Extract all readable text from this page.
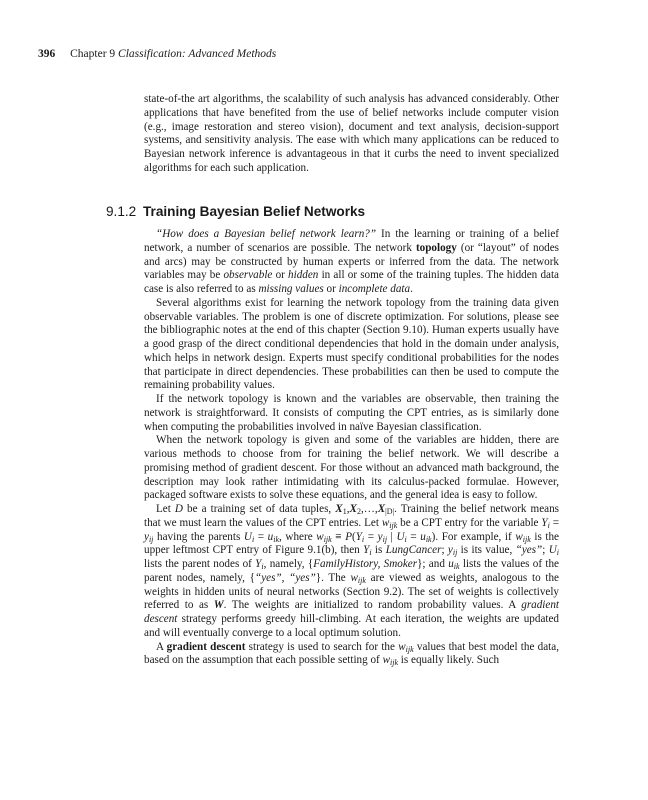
396 Chapter 9 Classification: Advanced Methods

state-of-the art algorithms, the scalability of such analysis has advanced considerably. Other applications that have benefited from the use of belief networks include computer vision (e.g., image restoration and stereo vision), document and text analysis, decision-support systems, and sensitivity analysis. The ease with which many applications can be reduced to Bayesian network inference is advantageous in that it curbs the need to invent specialized algorithms for each such application.

9.1.2 Training Bayesian Belief Networks

“How does a Bayesian belief network learn?” In the learning or training of a belief network, a number of scenarios are possible. The network topology (or “layout” of nodes and arcs) may be constructed by human experts or inferred from the data. The network variables may be observable or hidden in all or some of the training tuples. The hidden data case is also referred to as missing values or incomplete data.

Several algorithms exist for learning the network topology from the training data given observable variables. The problem is one of discrete optimization. For solutions, please see the bibliographic notes at the end of this chapter (Section 9.10). Human experts usually have a good grasp of the direct conditional dependencies that hold in the domain under analysis, which helps in network design. Experts must specify conditional probabilities for the nodes that participate in direct dependencies. These probabilities can then be used to compute the remaining probability values.

If the network topology is known and the variables are observable, then training the network is straightforward. It consists of computing the CPT entries, as is similarly done when computing the probabilities involved in naïve Bayesian classification.

When the network topology is given and some of the variables are hidden, there are various methods to choose from for training the belief network. We will describe a promising method of gradient descent. For those without an advanced math background, the description may look rather intimidating with its calculus-packed formulae. However, packaged software exists to solve these equations, and the general idea is easy to follow.

Let D be a training set of data tuples, $X_1,X_2,\dots,X_{|D|}$. Training the belief network means that we must learn the values of the CPT entries. Let $w_{ijk}$ be a CPT entry for the variable $Y_i = y_{ij}$ having the parents $U_i = u_{ik}$, where $w_{ijk} \equiv P(Y_i = y_{ij}$ | $U_i = u_{ik}$). For example, if $w_{ijk}$ is the upper leftmost CPT entry of Figure 9.1(b), then $Y_i$ is LungCancer; $y_{ij}$ is its value, “yes”; $U_i$ lists the parent nodes of $Y_i$, namely, {FamilyHistory, Smoker}; and $u_{ik}$ lists the values of the parent nodes, namely, {“yes”, “yes”}. The $w_{ijk}$ are viewed as weights, analogous to the weights in hidden units of neural networks (Section 9.2). The set of weights is collectively referred to as W. The weights are initialized to random probability values. A gradient descent strategy performs greedy hill-climbing. At each iteration, the weights are updated and will eventually converge to a local optimum solution.

A gradient descent strategy is used to search for the $w_{ijk}$ values that best model the data, based on the assumption that each possible setting of $w_{ijk}$ is equally likely. Such
